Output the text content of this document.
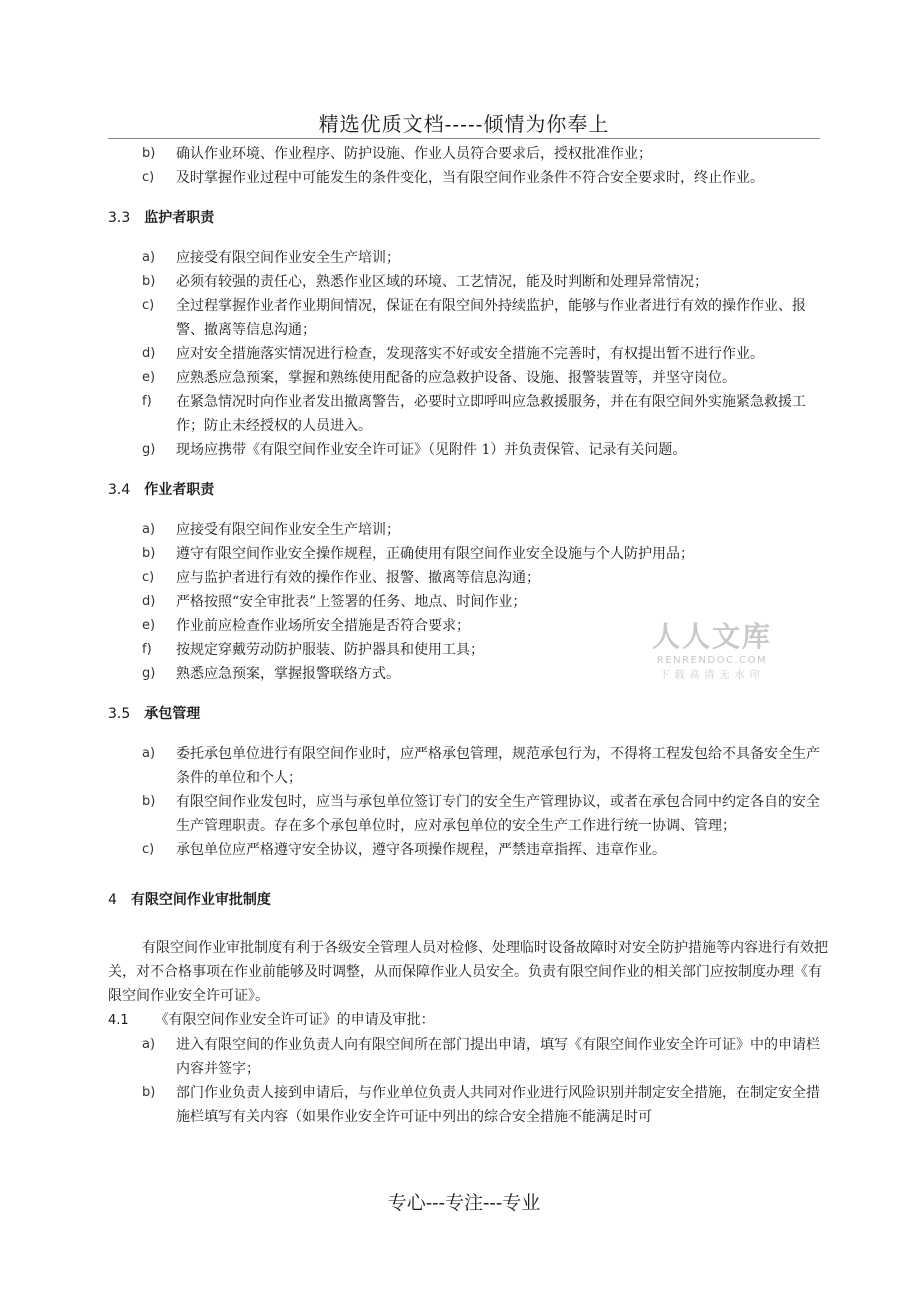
精选优质文档-----倾情为你奉上
b)	确认作业环境、作业程序、防护设施、作业人员符合要求后，授权批准作业；
c)	及时掌握作业过程中可能发生的条件变化，当有限空间作业条件不符合安全要求时，终止作业。
3.3 监护者职责
a)	应接受有限空间作业安全生产培训；
b)	必须有较强的责任心，熟悉作业区域的环境、工艺情况，能及时判断和处理异常情况；
c)	全过程掌握作业者作业期间情况，保证在有限空间外持续监护，能够与作业者进行有效的操作作业、报警、撤离等信息沟通；
d)	应对安全措施落实情况进行检查，发现落实不好或安全措施不完善时，有权提出暂不进行作业。
e)	应熟悉应急预案，掌握和熟练使用配备的应急救护设备、设施、报警装置等，并坚守岗位。
f)	在紧急情况时向作业者发出撤离警告，必要时立即呼叫应急救援服务，并在有限空间外实施紧急救援工作；防止未经授权的人员进入。
g)	现场应携带《有限空间作业安全许可证》（见附件 1）并负责保管、记录有关问题。
3.4 作业者职责
a)	应接受有限空间作业安全生产培训；
b)	遵守有限空间作业安全操作规程，正确使用有限空间作业安全设施与个人防护用品；
c)	应与监护者进行有效的操作作业、报警、撤离等信息沟通；
d)	严格按照“安全审批表”上签署的任务、地点、时间作业；
e)	作业前应检查作业场所安全措施是否符合要求；
f)	按规定穿戴劳动防护服装、防护器具和使用工具；
g)	熟悉应急预案，掌握报警联络方式。
3.5 承包管理
a)	委托承包单位进行有限空间作业时，应严格承包管理，规范承包行为，不得将工程发包给不具备安全生产条件的单位和个人；
b)	有限空间作业发包时，应当与承包单位签订专门的安全生产管理协议，或者在承包合同中约定各自的安全生产管理职责。存在多个承包单位时，应对承包单位的安全生产工作进行统一协调、管理；
c)	承包单位应严格遵守安全协议，遵守各项操作规程，严禁违章指挥、违章作业。
4 有限空间作业审批制度

有限空间作业审批制度有利于各级安全管理人员对检修、处理临时设备故障时对安全防护措施等内容进行有效把关，对不合格事项在作业前能够及时调整，从而保障作业人员安全。负责有限空间作业的相关部门应按制度办理《有限空间作业安全许可证》。

4.1 《有限空间作业安全许可证》的申请及审批：
a)	进入有限空间的作业负责人向有限空间所在部门提出申请，填写《有限空间作业安全许可证》中的申请栏内容并签字；
b)	部门作业负责人接到申请后，与作业单位负责人共同对作业进行风险识别并制定安全措施，在制定安全措施栏填写有关内容（如果作业安全许可证中列出的综合安全措施不能满足时可
人人文库
RENRENDOC.COM
下载高清无水印
专心---专注---专业
